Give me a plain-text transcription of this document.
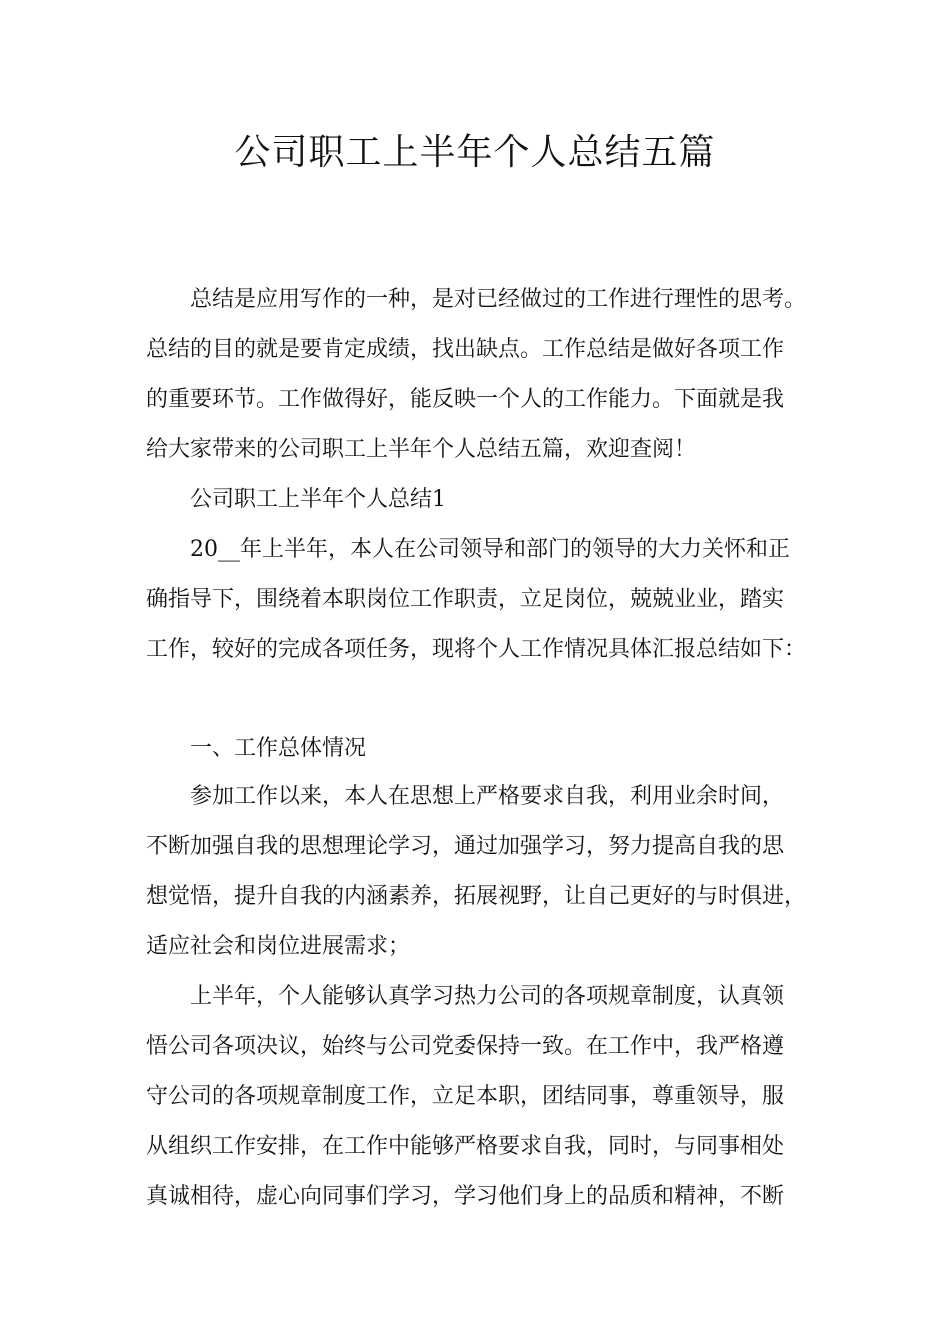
公司职工上半年个人总结五篇
总结是应用写作的一种，是对已经做过的工作进行理性的思考。
总结的目的就是要肯定成绩，找出缺点。工作总结是做好各项工作
的重要环节。工作做得好，能反映一个人的工作能力。下面就是我
给大家带来的公司职工上半年个人总结五篇，欢迎查阅！
公司职工上半年个人总结1
20__年上半年，本人在公司领导和部门的领导的大力关怀和正
确指导下，围绕着本职岗位工作职责，立足岗位，兢兢业业，踏实
工作，较好的完成各项任务，现将个人工作情况具体汇报总结如下：
一、工作总体情况
参加工作以来，本人在思想上严格要求自我，利用业余时间，
不断加强自我的思想理论学习，通过加强学习，努力提高自我的思
想觉悟，提升自我的内涵素养，拓展视野，让自己更好的与时俱进，
适应社会和岗位进展需求；
上半年，个人能够认真学习热力公司的各项规章制度，认真领
悟公司各项决议，始终与公司党委保持一致。在工作中，我严格遵
守公司的各项规章制度工作，立足本职，团结同事，尊重领导，服
从组织工作安排，在工作中能够严格要求自我，同时，与同事相处
真诚相待，虚心向同事们学习，学习他们身上的品质和精神，不断
